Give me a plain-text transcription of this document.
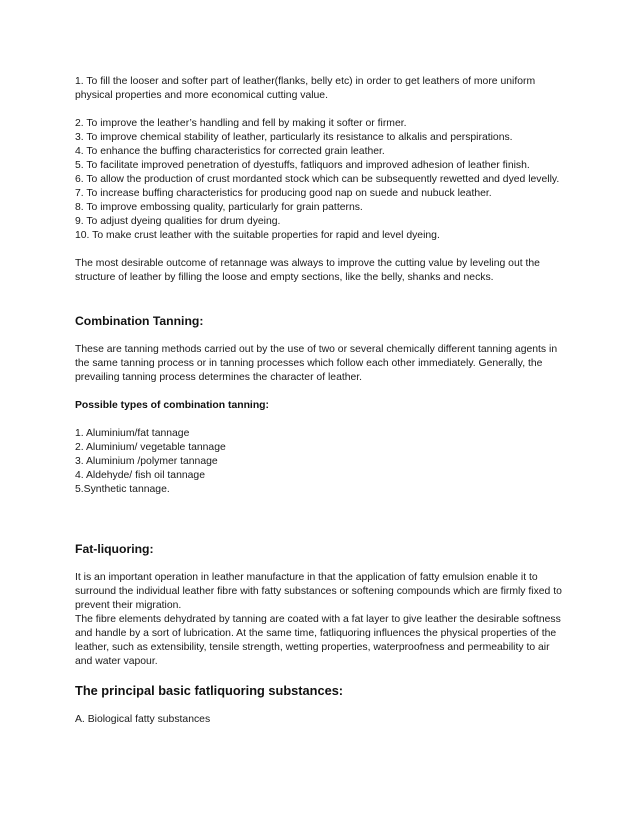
1. To fill the looser and softer part of leather(flanks, belly etc) in order to get leathers of more uniform physical properties and more economical cutting value.

2. To improve the leather’s handling and fell by making it softer or firmer.
3. To improve chemical stability of leather, particularly its resistance to alkalis and perspirations.
4. To enhance the buffing characteristics for corrected grain leather.
5. To facilitate improved penetration of dyestuffs, fatliquors and improved adhesion of leather finish.
6. To allow the production of crust mordanted stock which can be subsequently rewetted and dyed levelly.
7. To increase buffing characteristics for producing good nap on suede and nubuck leather.
8. To improve embossing quality, particularly for grain patterns.
9. To adjust dyeing qualities for drum dyeing.
10. To make crust leather with the suitable properties for rapid and level dyeing.

The most desirable outcome of retannage was always to improve the cutting value by leveling out the structure of leather by filling the loose and empty sections, like the belly, shanks and necks.

Combination Tanning:

These are tanning methods carried out by the use of two or several chemically different tanning agents in the same tanning process or in tanning processes which follow each other immediately. Generally, the prevailing tanning process determines the character of leather.

Possible types of combination tanning:
1. Aluminium/fat tannage
2. Aluminium/ vegetable tannage
3. Aluminium /polymer tannage
4. Aldehyde/ fish oil tannage
5.Synthetic tannage.
Fat-liquoring:

It is an important operation in leather manufacture in that the application of fatty emulsion enable it to surround the individual leather fibre with fatty substances or softening compounds which are firmly fixed to prevent their migration.

The fibre elements dehydrated by tanning are coated with a fat layer to give leather the desirable softness and handle by a sort of lubrication. At the same time, fatliquoring influences the physical properties of the leather, such as extensibility, tensile strength, wetting properties, waterproofness and permeability to air and water vapour.

The principal basic fatliquoring substances:

A. Biological fatty substances
